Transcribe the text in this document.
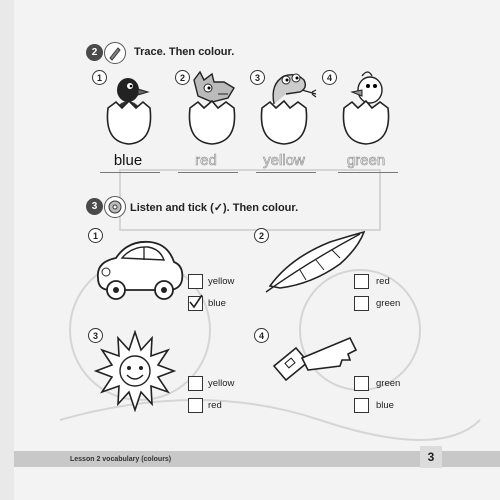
2	Trace. Then colour.
1	2	3	4
blue	red	yellow	green
3	Listen and tick (✓). Then colour.
1	2
3	4
yellow
blue
red
green
yellow
red
green
blue
Lesson 2 vocabulary (colours)	3
